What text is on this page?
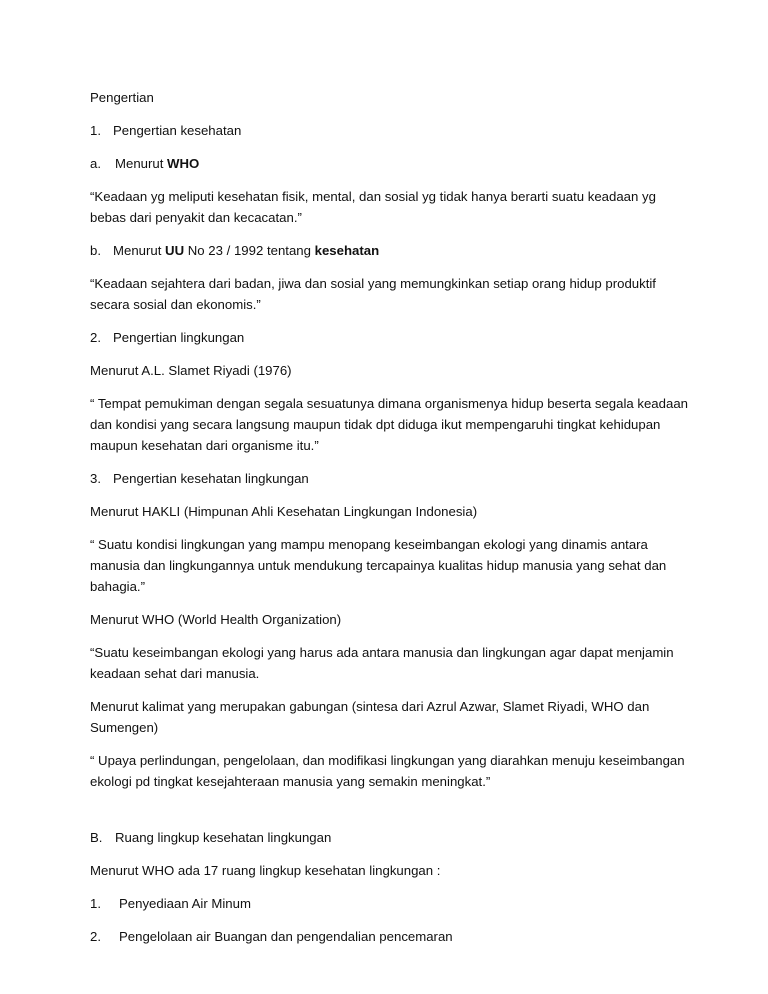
Pengertian

1. Pengertian kesehatan

a.	Menurut WHO

“Keadaan yg meliputi kesehatan fisik, mental, dan sosial yg tidak hanya berarti suatu keadaan yg bebas dari penyakit dan kecacatan.”

b. Menurut UU No 23 / 1992 tentang kesehatan

“Keadaan sejahtera dari badan, jiwa dan sosial yang memungkinkan setiap orang hidup produktif secara sosial dan ekonomis.”

2. Pengertian lingkungan

Menurut A.L. Slamet Riyadi (1976)

“ Tempat pemukiman dengan segala sesuatunya dimana organismenya hidup beserta segala keadaan dan kondisi yang secara langsung maupun tidak dpt diduga ikut mempengaruhi tingkat kehidupan maupun kesehatan dari organisme itu.”

3. Pengertian kesehatan lingkungan

Menurut HAKLI (Himpunan Ahli Kesehatan Lingkungan Indonesia)

“ Suatu kondisi lingkungan yang mampu menopang keseimbangan ekologi yang dinamis antara manusia dan lingkungannya untuk mendukung tercapainya kualitas hidup manusia yang sehat dan bahagia.”

Menurut WHO (World Health Organization)

“Suatu keseimbangan ekologi yang harus ada antara manusia dan lingkungan agar dapat menjamin keadaan sehat dari manusia.

Menurut kalimat yang merupakan gabungan (sintesa dari Azrul Azwar, Slamet Riyadi, WHO dan Sumengen)

“ Upaya perlindungan, pengelolaan, dan modifikasi lingkungan yang diarahkan menuju keseimbangan ekologi pd tingkat kesejahteraan manusia yang semakin meningkat.”

B. Ruang lingkup kesehatan lingkungan

Menurut WHO ada 17 ruang lingkup kesehatan lingkungan :

1.	Penyediaan Air Minum

2.	Pengelolaan air Buangan dan pengendalian pencemaran
